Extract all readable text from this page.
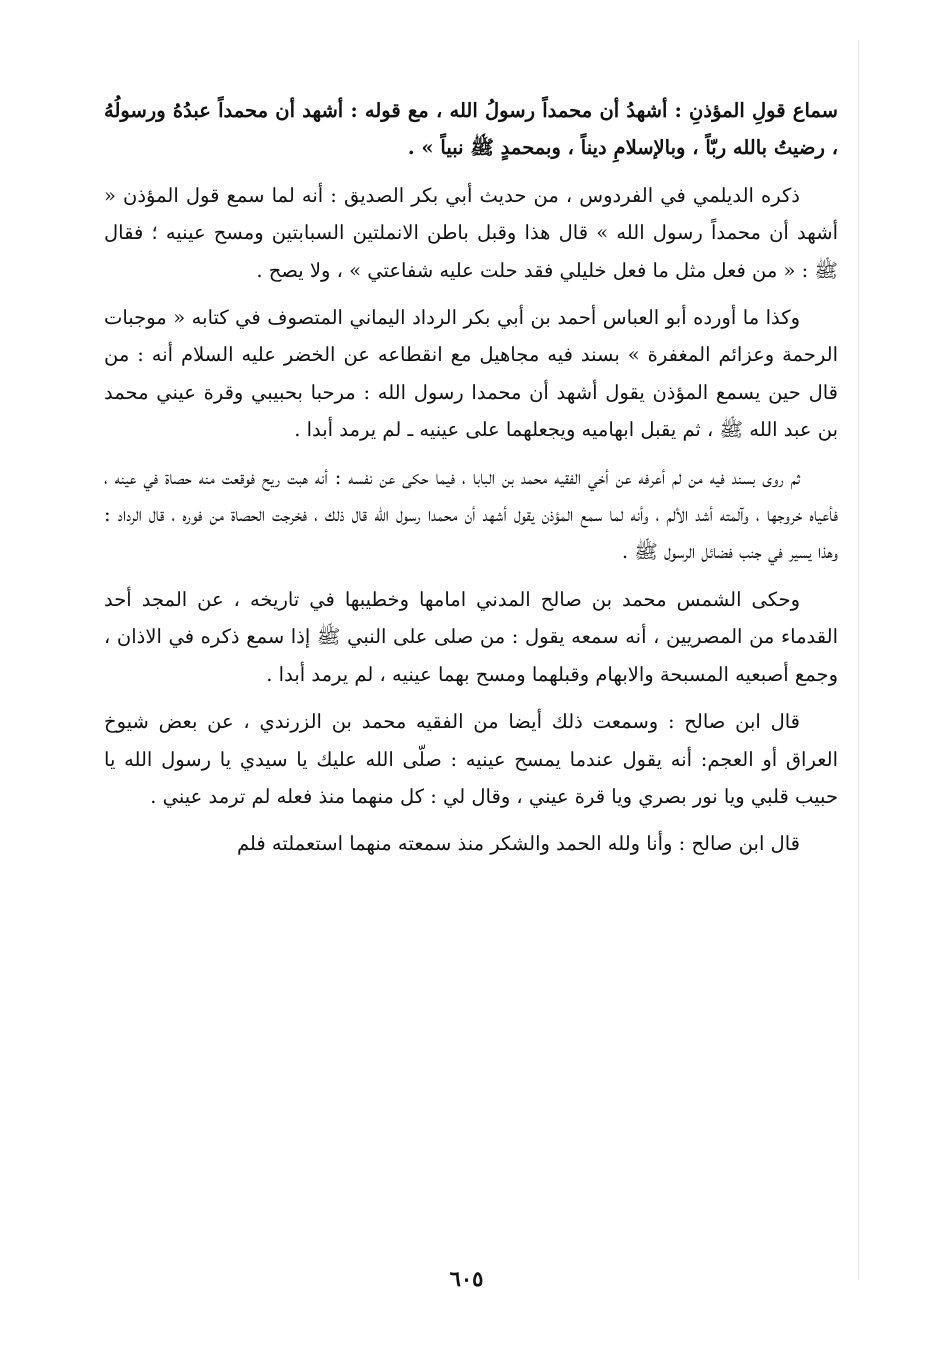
سماع قولِ المؤذنِ : أشهدُ أن محمداً رسولُ الله ، مع قوله : أشهد أن محمداً عبدُهُ ورسولُهُ ، رضيتُ بالله ربّاً ، وبالإسلامِ ديناً ، وبمحمدٍ ﷺ نبياً » .

ذكره الديلمي في الفردوس ، من حديث أبي بكر الصديق : أنه لما سمع قول المؤذن « أشهد أن محمداً رسول الله » قال هذا وقبل باطن الانملتين السبابتين ومسح عينيه ؛ فقال ﷺ : « من فعل مثل ما فعل خليلي فقد حلت عليه شفاعتي » ، ولا يصح .

وكذا ما أورده أبو العباس أحمد بن أبي بكر الرداد اليماني المتصوف في كتابه « موجبات الرحمة وعزائم المغفرة » بسند فيه مجاهيل مع انقطاعه عن الخضر عليه السلام أنه : من قال حين يسمع المؤذن يقول أشهد أن محمدا رسول الله : مرحبا بحبيبي وقرة عيني محمد بن عبد الله ﷺ ، ثم يقبل ابهاميه ويجعلهما على عينيه ـ لم يرمد أبدا .

ثم روى بسند فيه من لم أعرفه عن أخي الفقيه محمد بن البابا ، فيما حكى عن نفسه : أنه هبت ريح فوقعت منه حصاة في عينه ، فأعياه خروجها ، وآلمته أشد الألم ، وأنه لما سمع المؤذن يقول أشهد أن محمدا رسول الله قال ذلك ، فخرجت الحصاة من فوره ، قال الرداد : وهذا يسير في جنب فضائل الرسول ﷺ .

وحكى الشمس محمد بن صالح المدني امامها وخطيبها في تاريخه ، عن المجد أحد القدماء من المصريين ، أنه سمعه يقول : من صلى على النبي ﷺ إذا سمع ذكره في الاذان ، وجمع أصبعيه المسبحة والابهام وقبلهما ومسح بهما عينيه ، لم يرمد أبدا .

قال ابن صالح : وسمعت ذلك أيضا من الفقيه محمد بن الزرندي ، عن بعض شيوخ العراق أو العجم: أنه يقول عندما يمسح عينيه : صلّى الله عليك يا سيدي يا رسول الله يا حبيب قلبي ويا نور بصري ويا قرة عيني ، وقال لي : كل منهما منذ فعله لم ترمد عيني .

قال ابن صالح : وأنا ولله الحمد والشكر منذ سمعته منهما استعملته فلم

٦٠٥
